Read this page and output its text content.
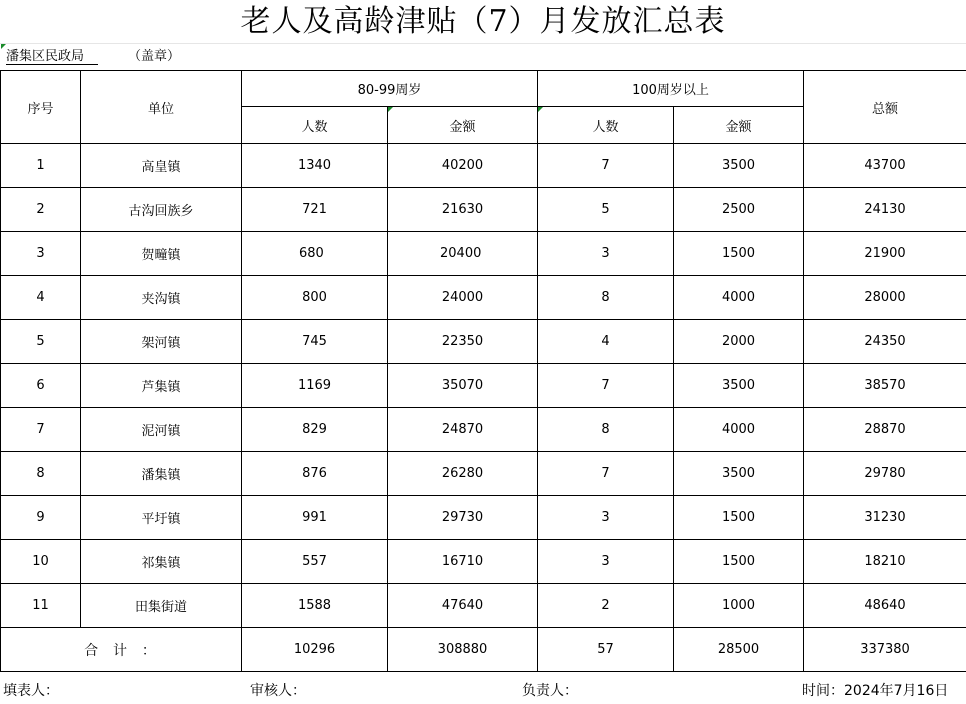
老人及高龄津贴（7）月发放汇总表
潘集区民政局	（盖章）
序号	单位	80-99周岁		100周岁以上		总额
		人数	金额	人数	金额	
1	高皇镇	1340	40200	7	3500	43700
2	古沟回族乡	721	21630	5	2500	24130
3	贺疃镇	680	20400	3	1500	21900
4	夹沟镇	800	24000	8	4000	28000
5	架河镇	745	22350	4	2000	24350
6	芦集镇	1169	35070	7	3500	38570
7	泥河镇	829	24870	8	4000	28870
8	潘集镇	876	26280	7	3500	29780
9	平圩镇	991	29730	3	1500	31230
10	祁集镇	557	16710	3	1500	18210
11	田集街道	1588	47640	2	1000	48640
合  计  ：		10296	308880	57	28500	337380
填表人：	审核人：	负责人：	时间：2024年7月16日
